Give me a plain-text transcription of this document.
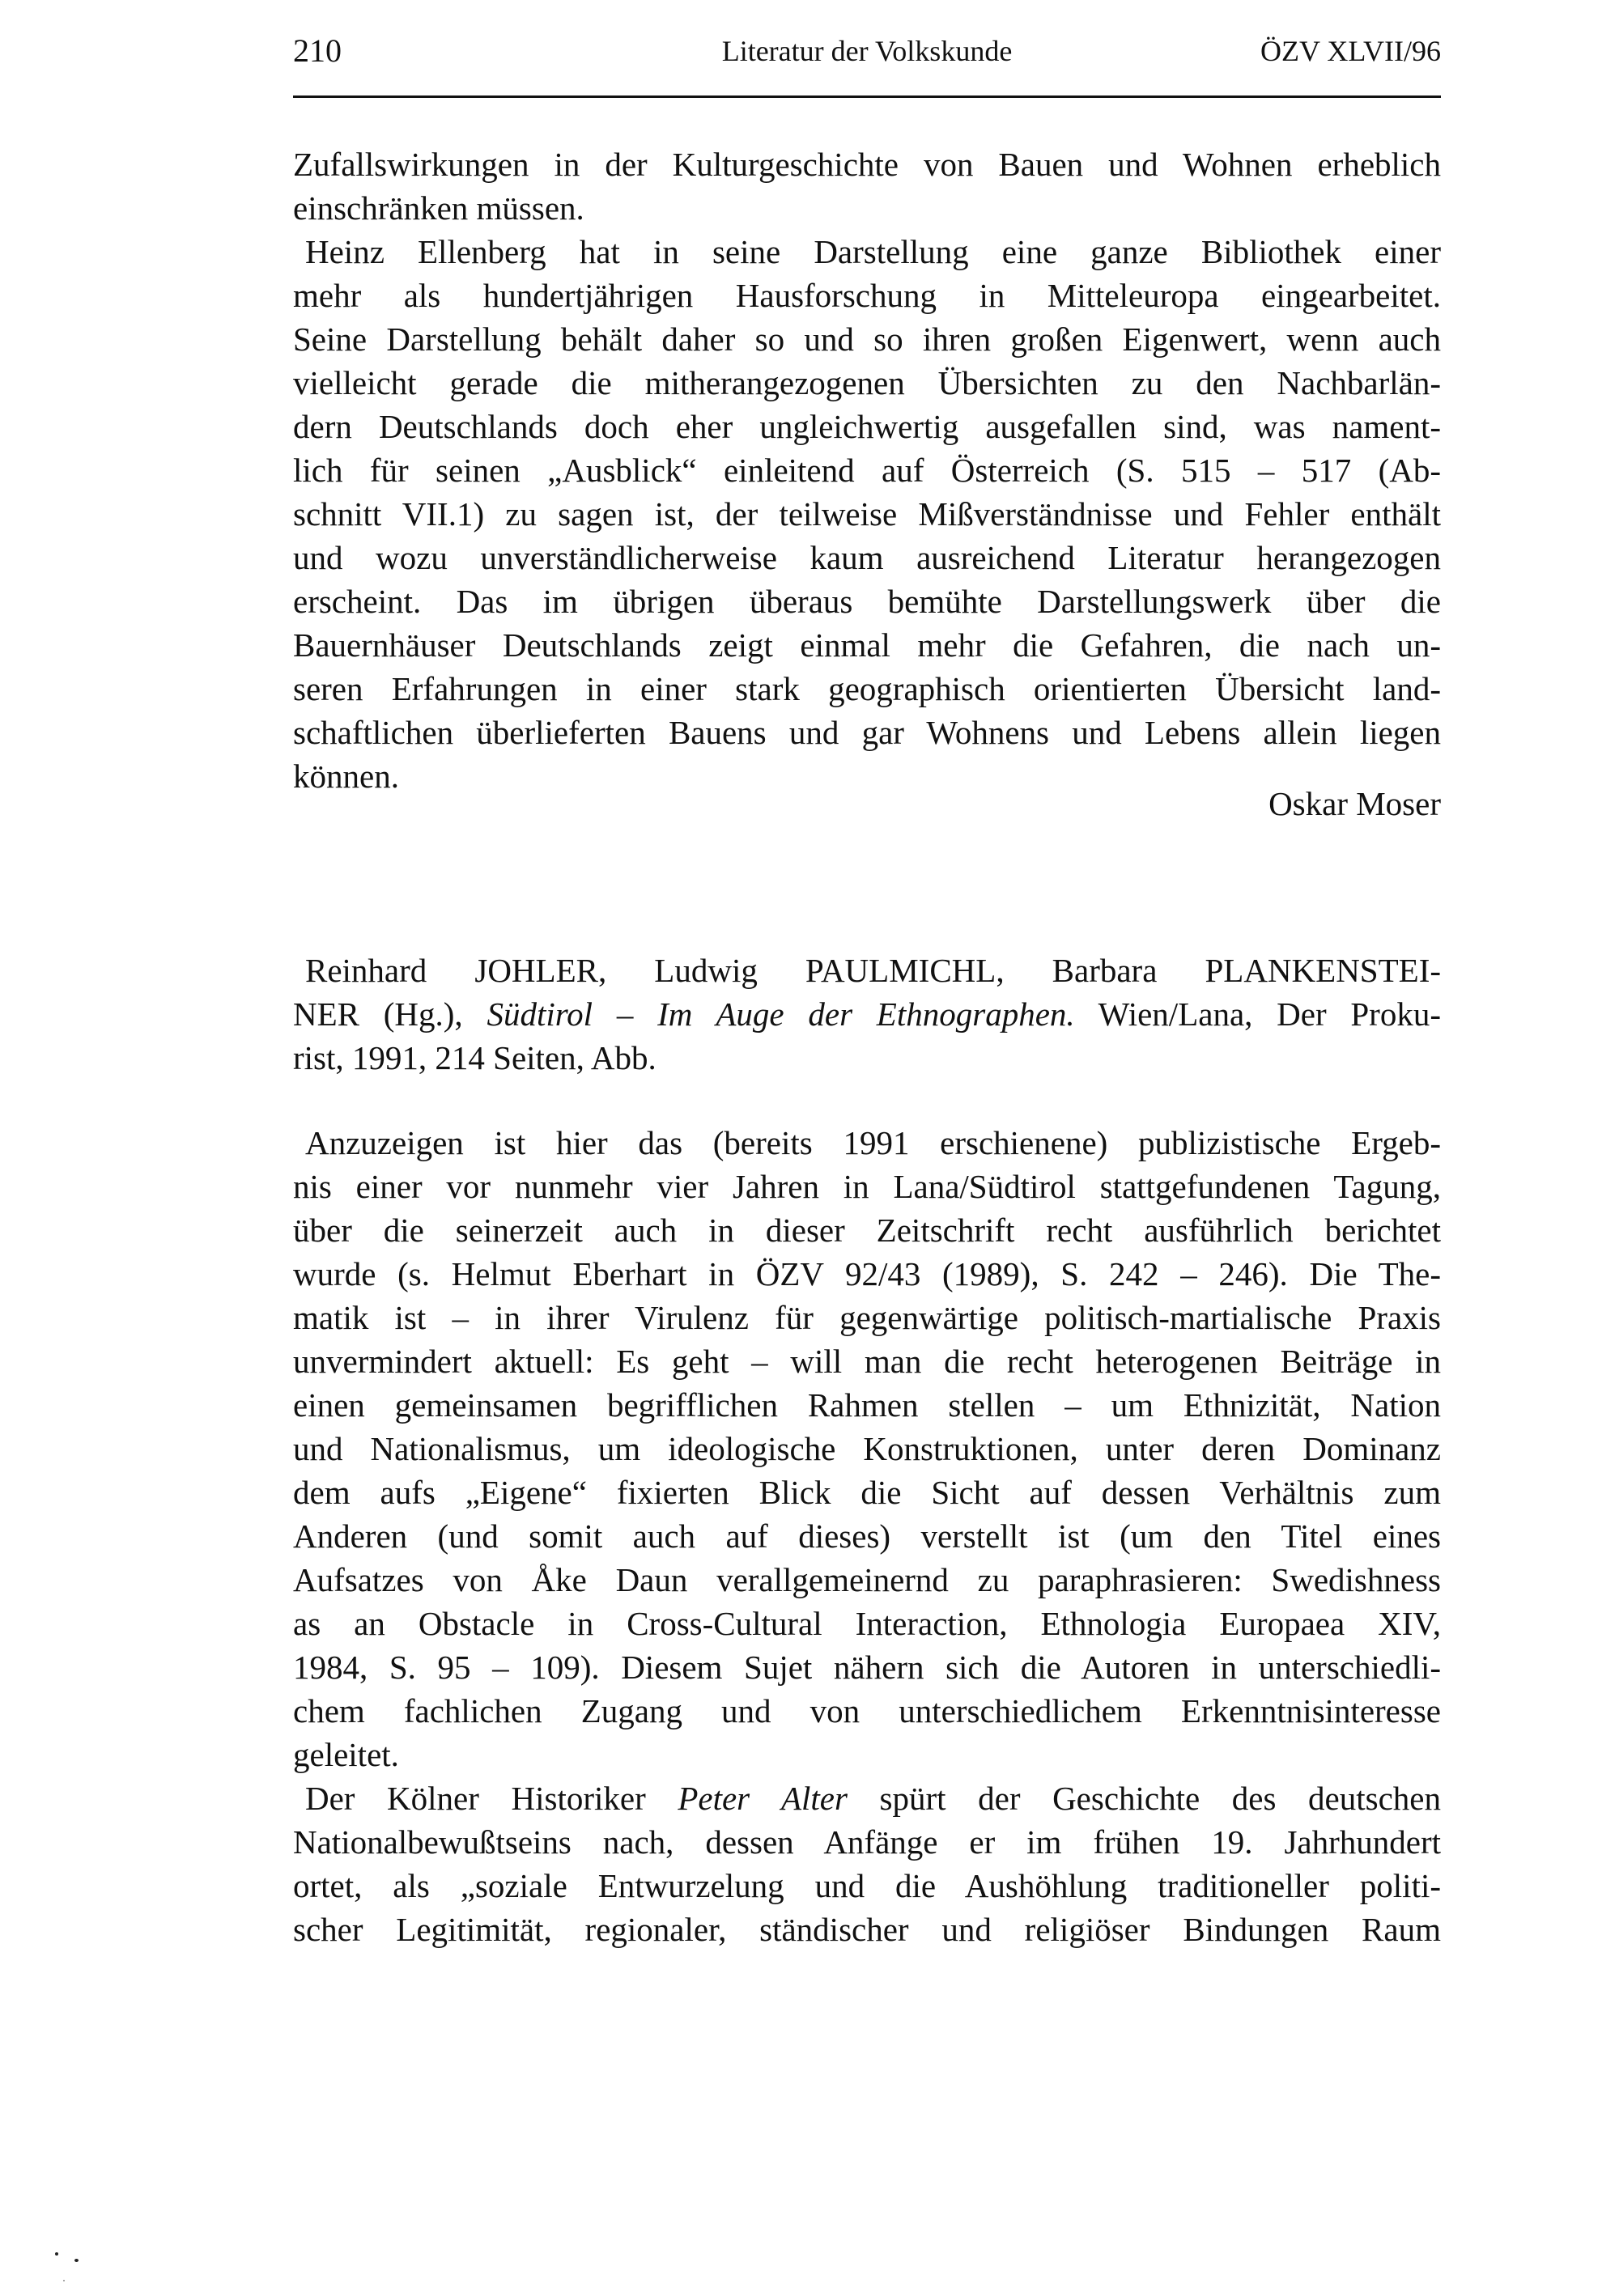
210	Literatur der Volkskunde	ÖZV XLVII/96
Zufallswirkungen in der Kulturgeschichte von Bauen und Wohnen erheblich
einschränken müssen.
Heinz Ellenberg hat in seine Darstellung eine ganze Bibliothek einer
mehr als hundertjährigen Hausforschung in Mitteleuropa eingearbeitet.
Seine Darstellung behält daher so und so ihren großen Eigenwert, wenn auch
vielleicht gerade die mitherangezogenen Übersichten zu den Nachbarlän-
dern Deutschlands doch eher ungleichwertig ausgefallen sind, was nament-
lich für seinen „Ausblick“ einleitend auf Österreich (S. 515 – 517 (Ab-
schnitt VII.1) zu sagen ist, der teilweise Mißverständnisse und Fehler enthält
und wozu unverständlicherweise kaum ausreichend Literatur herangezogen
erscheint. Das im übrigen überaus bemühte Darstellungswerk über die
Bauernhäuser Deutschlands zeigt einmal mehr die Gefahren, die nach un-
seren Erfahrungen in einer stark geographisch orientierten Übersicht land-
schaftlichen überlieferten Bauens und gar Wohnens und Lebens allein liegen
können.
Oskar Moser
Reinhard JOHLER, Ludwig PAULMICHL, Barbara PLANKENSTEI-
NER (Hg.), Südtirol – Im Auge der Ethnographen. Wien/Lana, Der Proku-
rist, 1991, 214 Seiten, Abb.
Anzuzeigen ist hier das (bereits 1991 erschienene) publizistische Ergeb-
nis einer vor nunmehr vier Jahren in Lana/Südtirol stattgefundenen Tagung,
über die seinerzeit auch in dieser Zeitschrift recht ausführlich berichtet
wurde (s. Helmut Eberhart in ÖZV 92/43 (1989), S. 242 – 246). Die The-
matik ist – in ihrer Virulenz für gegenwärtige politisch-martialische Praxis
unvermindert aktuell: Es geht – will man die recht heterogenen Beiträge in
einen gemeinsamen begrifflichen Rahmen stellen – um Ethnizität, Nation
und Nationalismus, um ideologische Konstruktionen, unter deren Dominanz
dem aufs „Eigene“ fixierten Blick die Sicht auf dessen Verhältnis zum
Anderen (und somit auch auf dieses) verstellt ist (um den Titel eines
Aufsatzes von Åke Daun verallgemeinernd zu paraphrasieren: Swedishness
as an Obstacle in Cross-Cultural Interaction, Ethnologia Europaea XIV,
1984, S. 95 – 109). Diesem Sujet nähern sich die Autoren in unterschiedli-
chem fachlichen Zugang und von unterschiedlichem Erkenntnisinteresse
geleitet.
Der Kölner Historiker Peter Alter spürt der Geschichte des deutschen
Nationalbewußtseins nach, dessen Anfänge er im frühen 19. Jahrhundert
ortet, als „soziale Entwurzelung und die Aushöhlung traditioneller politi-
scher Legitimität, regionaler, ständischer und religiöser Bindungen Raum
